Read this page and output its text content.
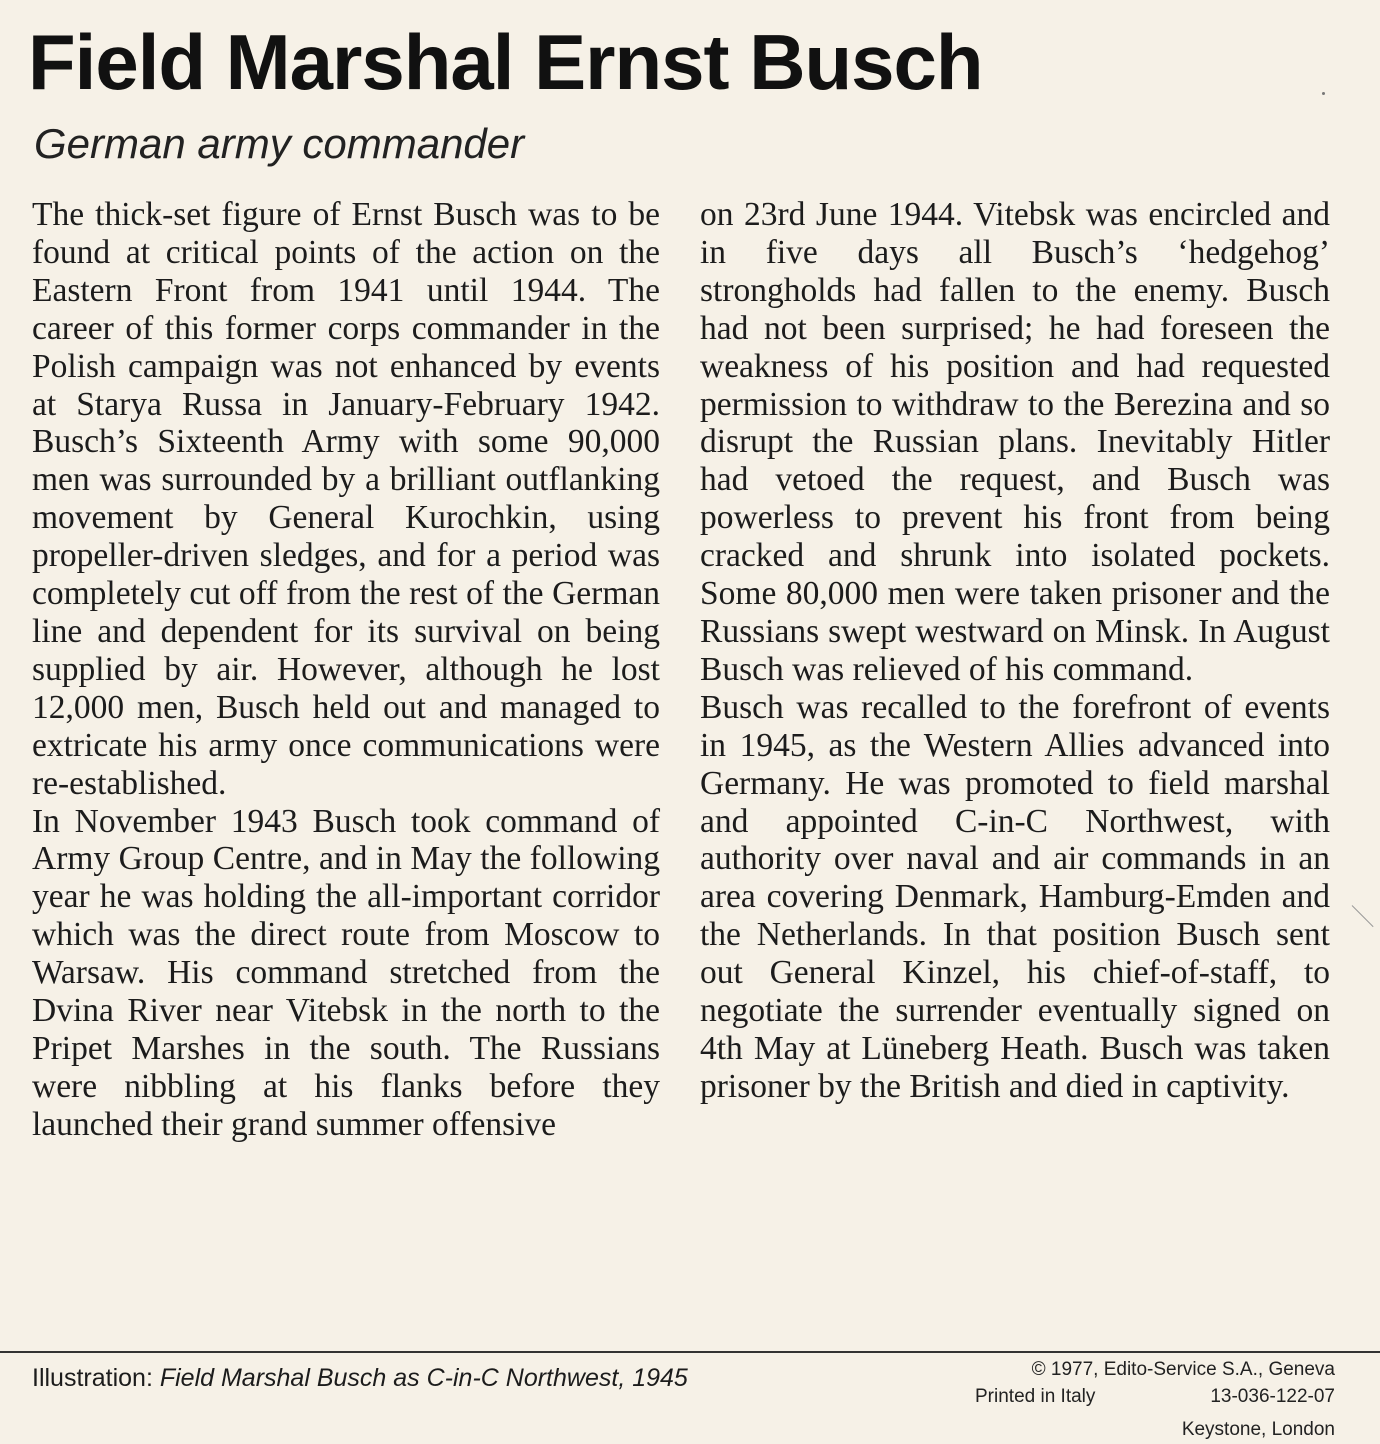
Field Marshal Ernst Busch
German army commander

The thick-set figure of Ernst Busch was to be found at critical points of the action on the Eastern Front from 1941 until 1944. The career of this former corps commander in the Polish campaign was not enhanced by events at Starya Russa in January-February 1942. Busch’s Sixteenth Army with some 90,000 men was surrounded by a brilliant outflanking movement by General Kurochkin, using propeller-driven sledges, and for a period was completely cut off from the rest of the German line and dependent for its survival on being supplied by air. However, although he lost 12,000 men, Busch held out and managed to extricate his army once communications were re-established.

In November 1943 Busch took command of Army Group Centre, and in May the following year he was holding the all-important corridor which was the direct route from Moscow to Warsaw. His command stretched from the Dvina River near Vitebsk in the north to the Pripet Marshes in the south. The Russians were nibbling at his flanks before they launched their grand summer offensive

on 23rd June 1944. Vitebsk was encircled and in five days all Busch’s ‘hedgehog’ strongholds had fallen to the enemy. Busch had not been surprised; he had foreseen the weakness of his position and had requested permission to withdraw to the Berezina and so disrupt the Russian plans. Inevitably Hitler had vetoed the request, and Busch was powerless to prevent his front from being cracked and shrunk into isolated pockets. Some 80,000 men were taken prisoner and the Russians swept westward on Minsk. In August Busch was relieved of his command.

Busch was recalled to the forefront of events in 1945, as the Western Allies advanced into Germany. He was promoted to field marshal and appointed C-in-C Northwest, with authority over naval and air commands in an area covering Denmark, Hamburg-Emden and the Netherlands. In that position Busch sent out General Kinzel, his chief-of-staff, to negotiate the surrender eventually signed on 4th May at Lüneberg Heath. Busch was taken prisoner by the British and died in captivity.

Illustration: Field Marshal Busch as C-in-C Northwest, 1945	© 1977, Edito-Service S.A., Geneva
Printed in Italy	13-036-122-07
Keystone, London
